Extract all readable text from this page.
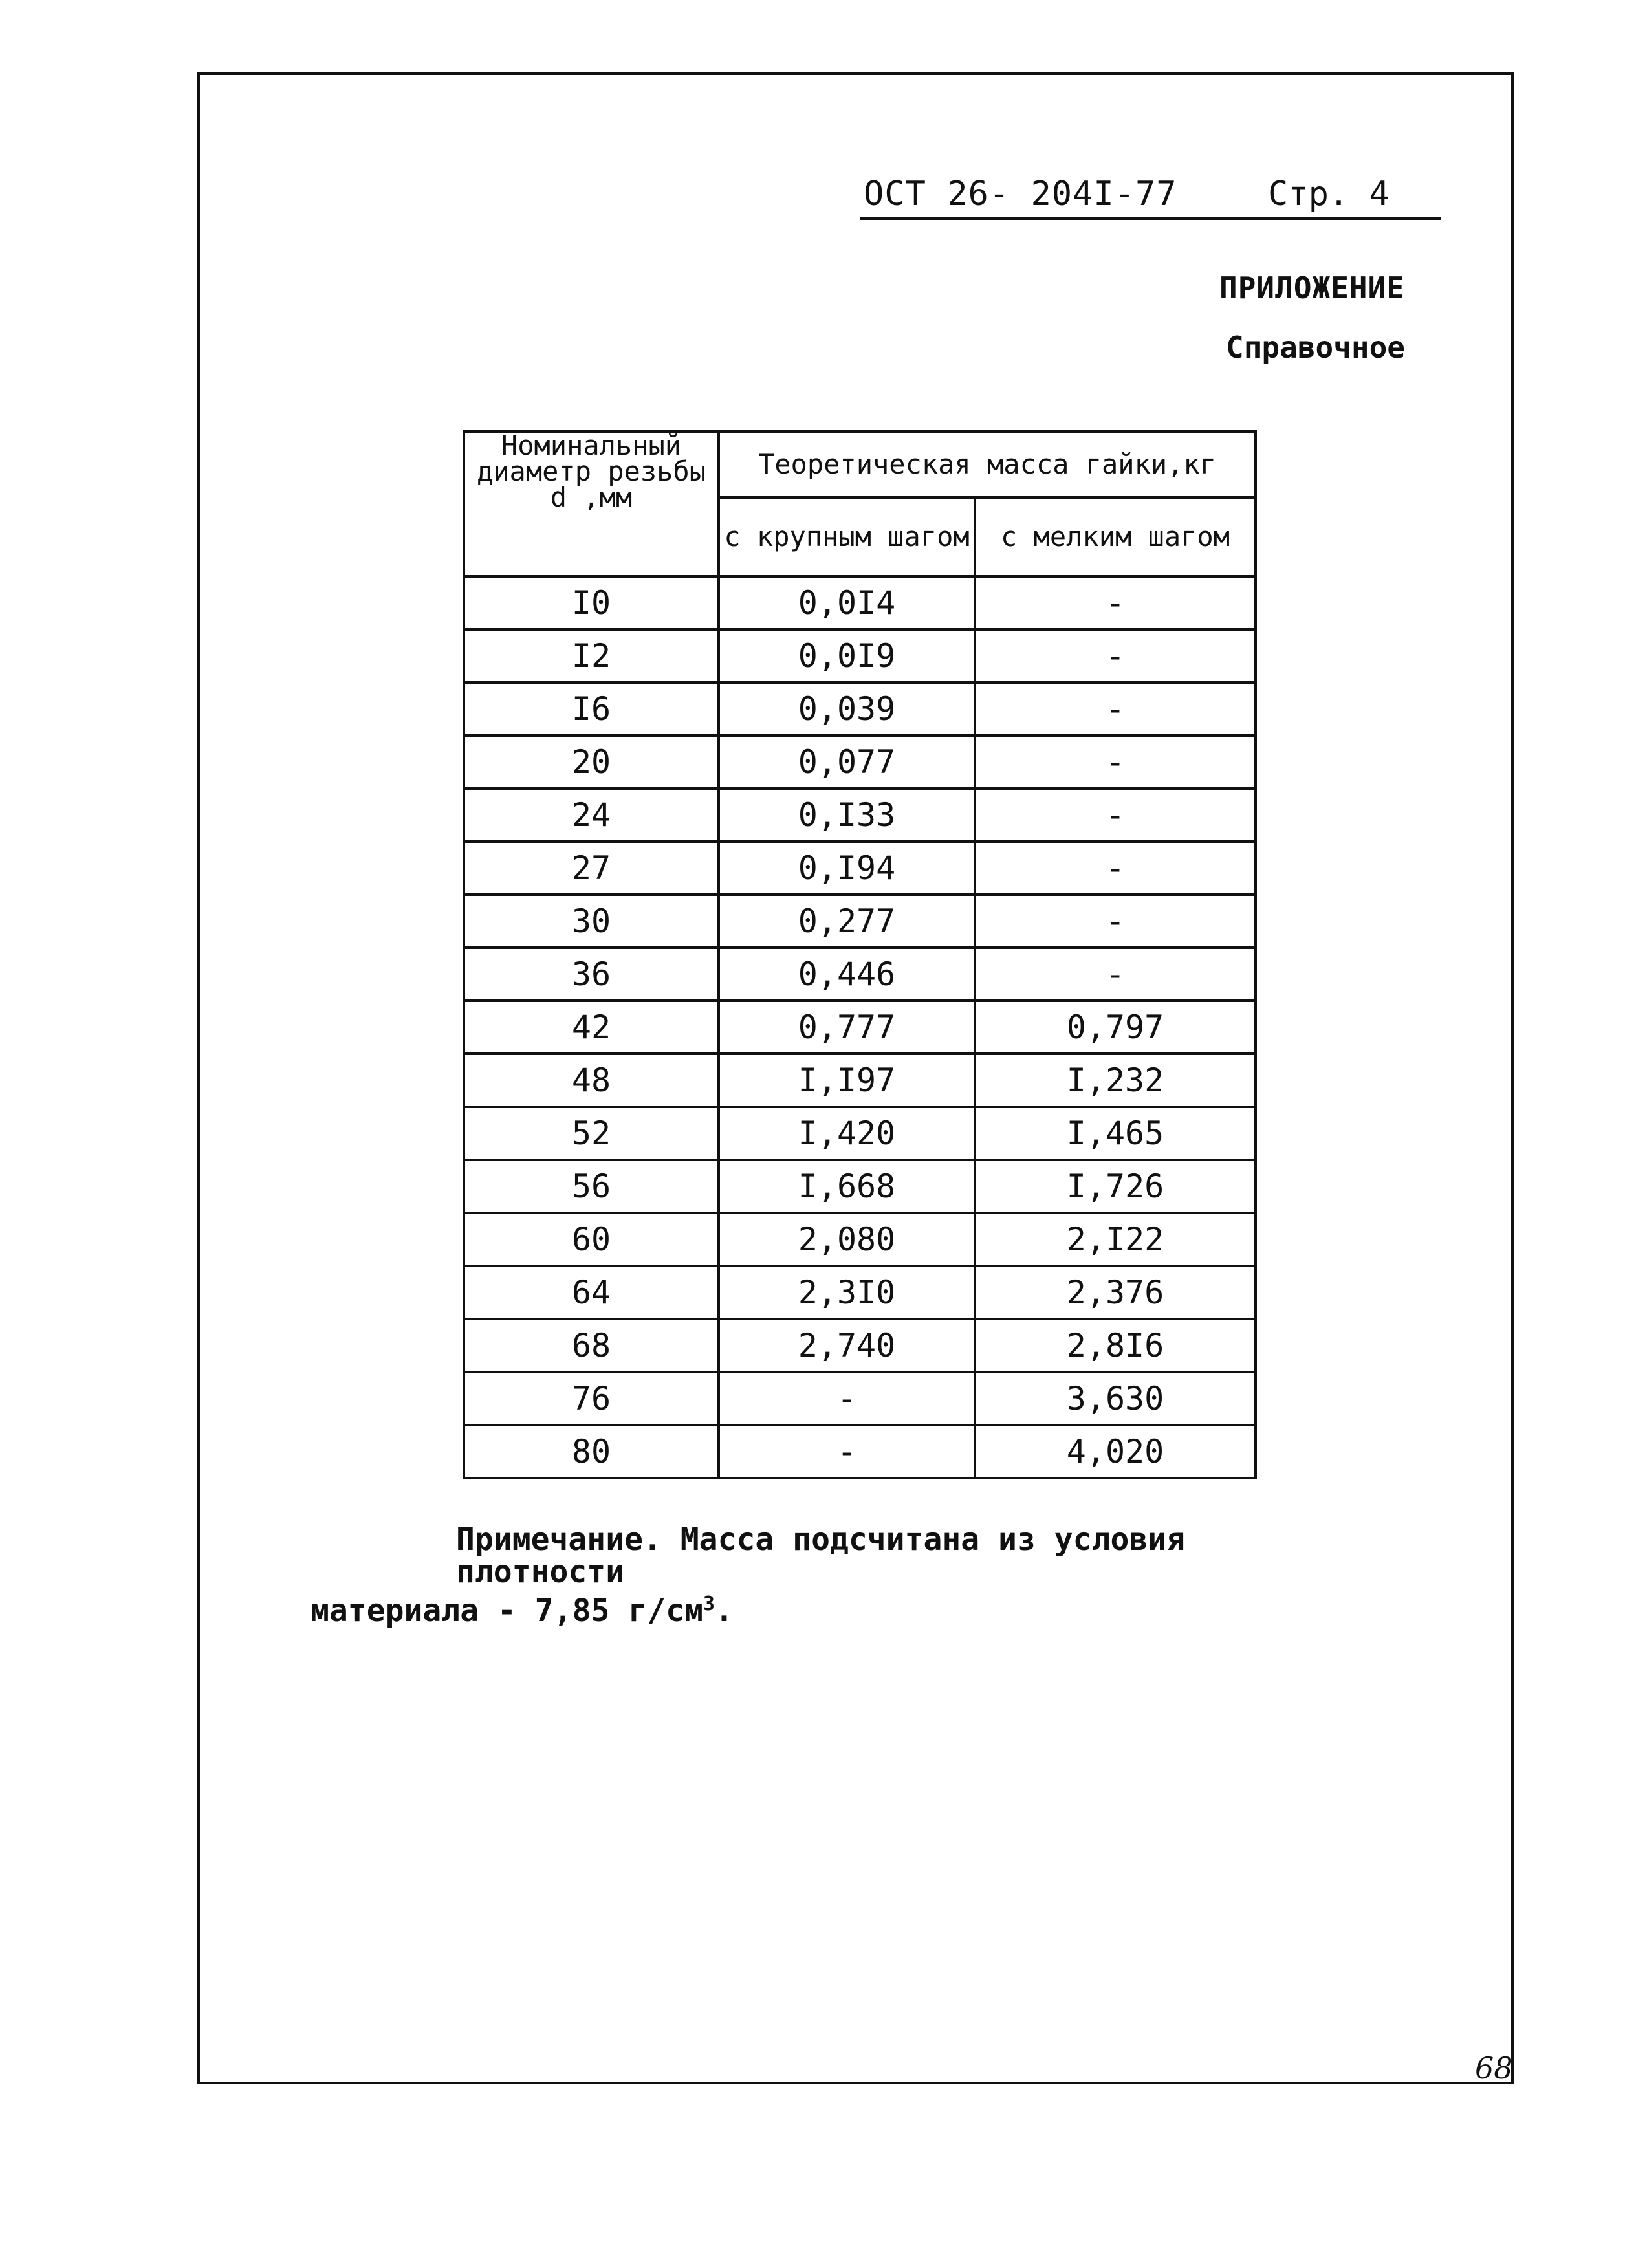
ОСТ 26- 204I-77	Стр. 4
ПРИЛОЖЕНИЕ
Справочное
Номинальный диаметр резьбы d ,мм	Теоретическая масса гайки,кг	
	с крупным шагом	с мелким шагом
I0	0,0I4	-
I2	0,0I9	-
I6	0,039	-
20	0,077	-
24	0,I33	-
27	0,I94	-
30	0,277	-
36	0,446	-
42	0,777	0,797
48	I,I97	I,232
52	I,420	I,465
56	I,668	I,726
60	2,080	2,I22
64	2,3I0	2,376
68	2,740	2,8I6
76	-	3,630
80	-	4,020
Примечание. Масса подсчитана из условия плотности
материала - 7,85 $г/см^3$.
68
